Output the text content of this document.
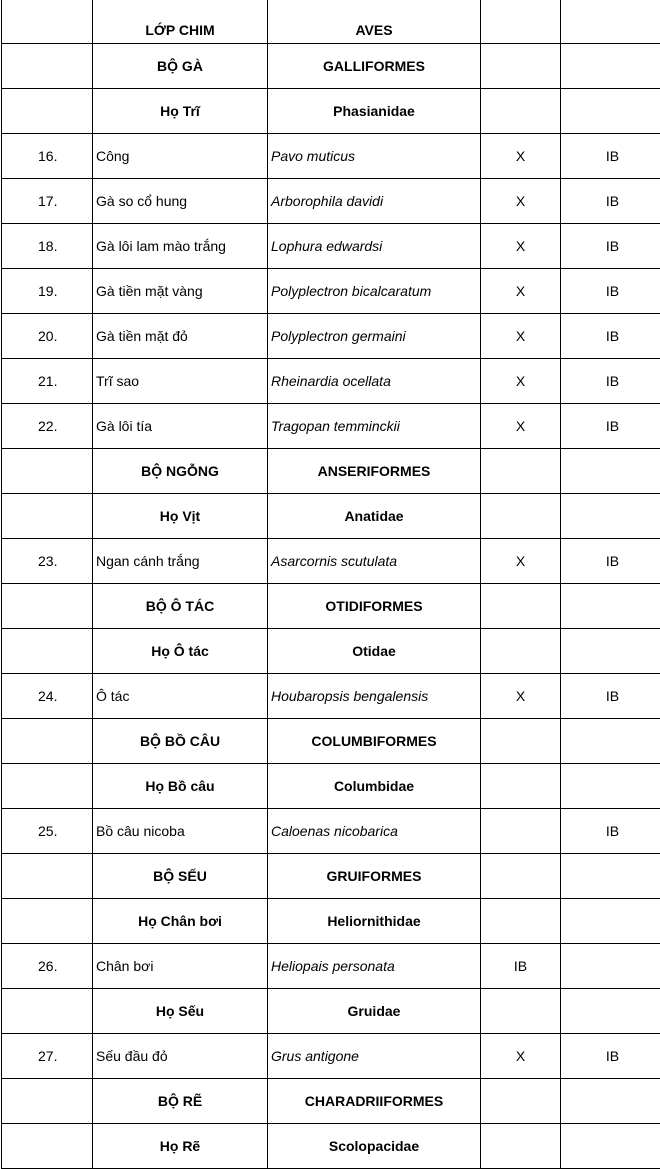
	LỚP CHIM	AVES		
	BỘ GÀ	GALLIFORMES		
	Họ Trĩ	Phasianidae		
16.	Công	Pavo muticus	X	IB
17.	Gà so cổ hung	Arborophila davidi	X	IB
18.	Gà lôi lam mào trắng	Lophura edwardsi	X	IB
19.	Gà tiền mặt vàng	Polyplectron bicalcaratum	X	IB
20.	Gà tiền mặt đỏ	Polyplectron germaini	X	IB
21.	Trĩ sao	Rheinardia ocellata	X	IB
22.	Gà lôi tía	Tragopan temminckii	X	IB
	BỘ NGỖNG	ANSERIFORMES		
	Họ Vịt	Anatidae		
23.	Ngan cánh trắng	Asarcornis scutulata	X	IB
	BỘ Ô TÁC	OTIDIFORMES		
	Họ Ô tác	Otidae		
24.	Ô tác	Houbaropsis bengalensis	X	IB
	BỘ BỒ CÂU	COLUMBIFORMES		
	Họ Bồ câu	Columbidae		
25.	Bồ câu nicoba	Caloenas nicobarica		IB
	BỘ SẾU	GRUIFORMES		
	Họ Chân bơi	Heliornithidae		
26.	Chân bơi	Heliopais personata	IB	
	Họ Sếu	Gruidae		
27.	Sếu đầu đỏ	Grus antigone	X	IB
	BỘ RẼ	CHARADRIIFORMES		
	Họ Rẽ	Scolopacidae		
